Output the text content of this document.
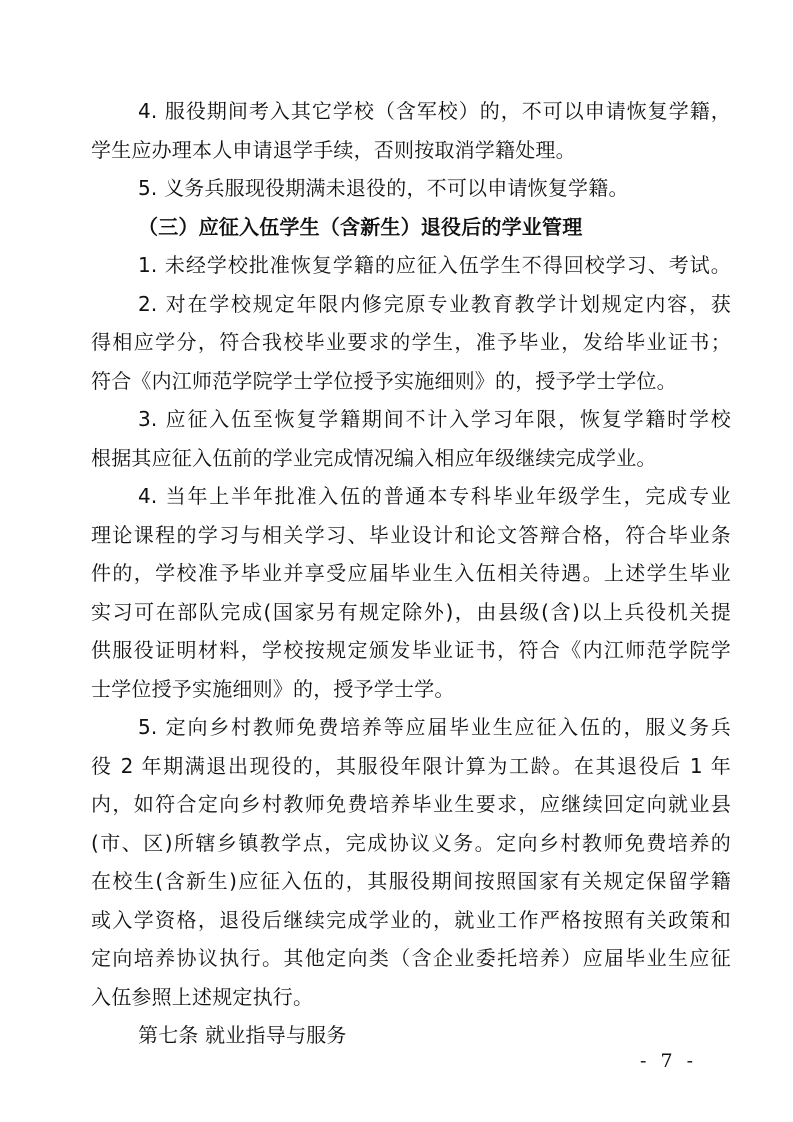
4. 服役期间考入其它学校（含军校）的，不可以申请恢复学籍，
学生应办理本人申请退学手续，否则按取消学籍处理。
5. 义务兵服现役期满未退役的，不可以申请恢复学籍。
（三）应征入伍学生（含新生）退役后的学业管理
1. 未经学校批准恢复学籍的应征入伍学生不得回校学习、考试。
2. 对在学校规定年限内修完原专业教育教学计划规定内容，获
得相应学分，符合我校毕业要求的学生，准予毕业，发给毕业证书；
符合《内江师范学院学士学位授予实施细则》的，授予学士学位。
3. 应征入伍至恢复学籍期间不计入学习年限，恢复学籍时学校
根据其应征入伍前的学业完成情况编入相应年级继续完成学业。
4. 当年上半年批准入伍的普通本专科毕业年级学生，完成专业
理论课程的学习与相关学习、毕业设计和论文答辩合格，符合毕业条
件的，学校准予毕业并享受应届毕业生入伍相关待遇。上述学生毕业
实习可在部队完成(国家另有规定除外)，由县级(含)以上兵役机关提
供服役证明材料，学校按规定颁发毕业证书，符合《内江师范学院学
士学位授予实施细则》的，授予学士学。
5. 定向乡村教师免费培养等应届毕业生应征入伍的，服义务兵
役 2 年期满退出现役的，其服役年限计算为工龄。在其退役后 1 年
内，如符合定向乡村教师免费培养毕业生要求，应继续回定向就业县
(市、区)所辖乡镇教学点，完成协议义务。定向乡村教师免费培养的
在校生(含新生)应征入伍的，其服役期间按照国家有关规定保留学籍
或入学资格，退役后继续完成学业的，就业工作严格按照有关政策和
定向培养协议执行。其他定向类（含企业委托培养）应届毕业生应征
入伍参照上述规定执行。
第七条 就业指导与服务
- 7 -
